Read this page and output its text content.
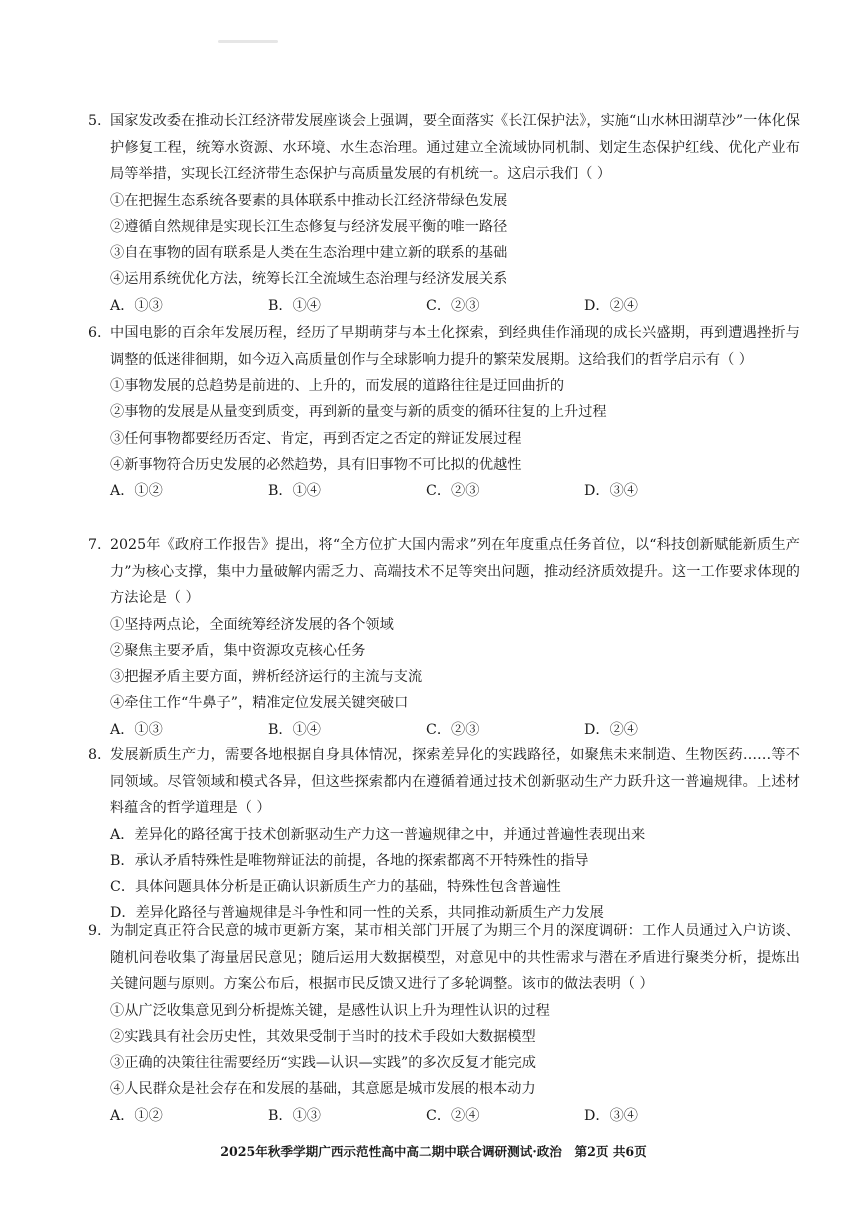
5. 国家发改委在推动长江经济带发展座谈会上强调，要全面落实《长江保护法》，实施“山水林田湖草沙”一体化保护修复工程，统筹水资源、水环境、水生态治理。通过建立全流域协同机制、划定生态保护红线、优化产业布局等举措，实现长江经济带生态保护与高质量发展的有机统一。这启示我们（ ）
①在把握生态系统各要素的具体联系中推动长江经济带绿色发展
②遵循自然规律是实现长江生态修复与经济发展平衡的唯一路径
③自在事物的固有联系是人类在生态治理中建立新的联系的基础
④运用系统优化方法，统筹长江全流域生态治理与经济发展关系
A．①③	B．①④	C．②③	D．②④
6. 中国电影的百余年发展历程，经历了早期萌芽与本土化探索，到经典佳作涌现的成长兴盛期，再到遭遇挫折与调整的低迷徘徊期，如今迈入高质量创作与全球影响力提升的繁荣发展期。这给我们的哲学启示有（ ）
①事物发展的总趋势是前进的、上升的，而发展的道路往往是迂回曲折的
②事物的发展是从量变到质变，再到新的量变与新的质变的循环往复的上升过程
③任何事物都要经历否定、肯定，再到否定之否定的辩证发展过程
④新事物符合历史发展的必然趋势，具有旧事物不可比拟的优越性
A．①②	B．①④	C．②③	D．③④
7. 2025年《政府工作报告》提出，将“全方位扩大国内需求”列在年度重点任务首位，以“科技创新赋能新质生产力”为核心支撑，集中力量破解内需乏力、高端技术不足等突出问题，推动经济质效提升。这一工作要求体现的方法论是（ ）
①坚持两点论，全面统筹经济发展的各个领域
②聚焦主要矛盾，集中资源攻克核心任务
③把握矛盾主要方面，辨析经济运行的主流与支流
④牵住工作“牛鼻子”，精准定位发展关键突破口
A．①③	B．①④	C．②③	D．②④
8. 发展新质生产力，需要各地根据自身具体情况，探索差异化的实践路径，如聚焦未来制造、生物医药……等不同领域。尽管领域和模式各异，但这些探索都内在遵循着通过技术创新驱动生产力跃升这一普遍规律。上述材料蕴含的哲学道理是（ ）
A．差异化的路径寓于技术创新驱动生产力这一普遍规律之中，并通过普遍性表现出来
B．承认矛盾特殊性是唯物辩证法的前提，各地的探索都离不开特殊性的指导
C．具体问题具体分析是正确认识新质生产力的基础，特殊性包含普遍性
D．差异化路径与普遍规律是斗争性和同一性的关系，共同推动新质生产力发展
9. 为制定真正符合民意的城市更新方案，某市相关部门开展了为期三个月的深度调研：工作人员通过入户访谈、随机问卷收集了海量居民意见；随后运用大数据模型，对意见中的共性需求与潜在矛盾进行聚类分析，提炼出关键问题与原则。方案公布后，根据市民反馈又进行了多轮调整。该市的做法表明（ ）
①从广泛收集意见到分析提炼关键，是感性认识上升为理性认识的过程
②实践具有社会历史性，其效果受制于当时的技术手段如大数据模型
③正确的决策往往需要经历“实践—认识—实践”的多次反复才能完成
④人民群众是社会存在和发展的基础，其意愿是城市发展的根本动力
A．①②	B．①③	C．②④	D．③④
2025年秋季学期广西示范性高中高二期中联合调研测试·政治　第2页 共6页
